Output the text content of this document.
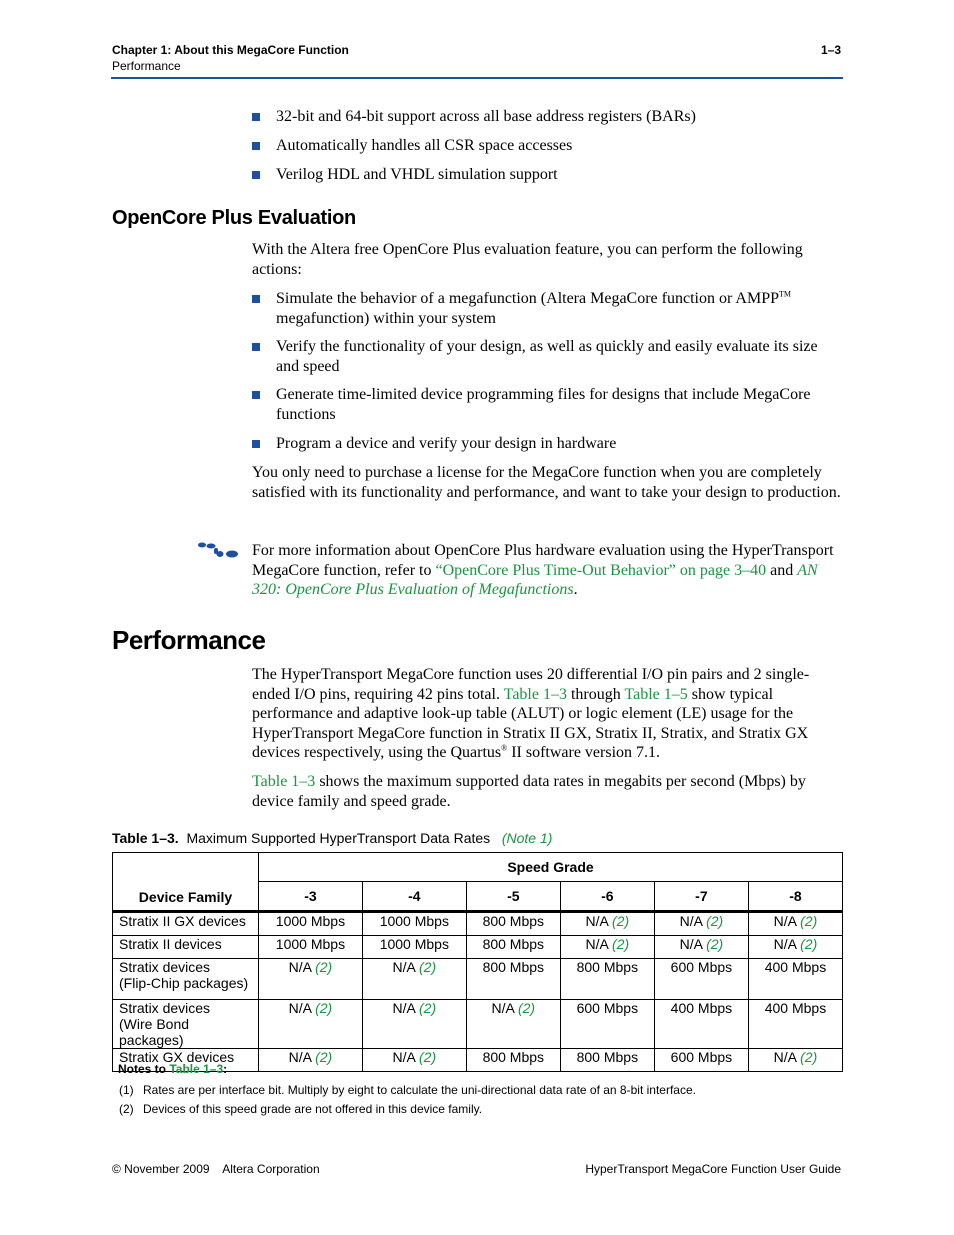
Chapter 1: About this MegaCore Function
Performance
1–3
32-bit and 64-bit support across all base address registers (BARs)
Automatically handles all CSR space accesses
Verilog HDL and VHDL simulation support
OpenCore Plus Evaluation
With the Altera free OpenCore Plus evaluation feature, you can perform the following actions:
Simulate the behavior of a megafunction (Altera MegaCore function or AMPP™ megafunction) within your system
Verify the functionality of your design, as well as quickly and easily evaluate its size and speed
Generate time-limited device programming files for designs that include MegaCore functions
Program a device and verify your design in hardware
You only need to purchase a license for the MegaCore function when you are completely satisfied with its functionality and performance, and want to take your design to production.
For more information about OpenCore Plus hardware evaluation using the HyperTransport MegaCore function, refer to “OpenCore Plus Time-Out Behavior” on page 3–40 and AN 320: OpenCore Plus Evaluation of Megafunctions.
Performance
The HyperTransport MegaCore function uses 20 differential I/O pin pairs and 2 single-ended I/O pins, requiring 42 pins total. Table 1–3 through Table 1–5 show typical performance and adaptive look-up table (ALUT) or logic element (LE) usage for the HyperTransport MegaCore function in Stratix II GX, Stratix II, Stratix, and Stratix GX devices respectively, using the Quartus® II software version 7.1.
Table 1–3 shows the maximum supported data rates in megabits per second (Mbps) by device family and speed grade.
Table 1–3. Maximum Supported HyperTransport Data Rates (Note 1)
Device Family	Speed Grade					
	-3	-4	-5	-6	-7	-8

Stratix II GX devices	1000 Mbps	1000 Mbps	800 Mbps	N/A (2)	N/A (2)	N/A (2)

Stratix II devices	1000 Mbps	1000 Mbps	800 Mbps	N/A (2)	N/A (2)	N/A (2)

Stratix devices
(Flip-Chip packages)	N/A (2)	N/A (2)	800 Mbps	800 Mbps	600 Mbps	400 Mbps

Stratix devices
(Wire Bond packages)	N/A (2)	N/A (2)	N/A (2)	600 Mbps	400 Mbps	400 Mbps

Stratix GX devices	N/A (2)	N/A (2)	800 Mbps	800 Mbps	600 Mbps	N/A (2)
Notes to Table 1–3:
(1) Rates are per interface bit. Multiply by eight to calculate the uni-directional data rate of an 8-bit interface.
(2) Devices of this speed grade are not offered in this device family.
© November 2009    Altera Corporation	HyperTransport MegaCore Function User Guide
